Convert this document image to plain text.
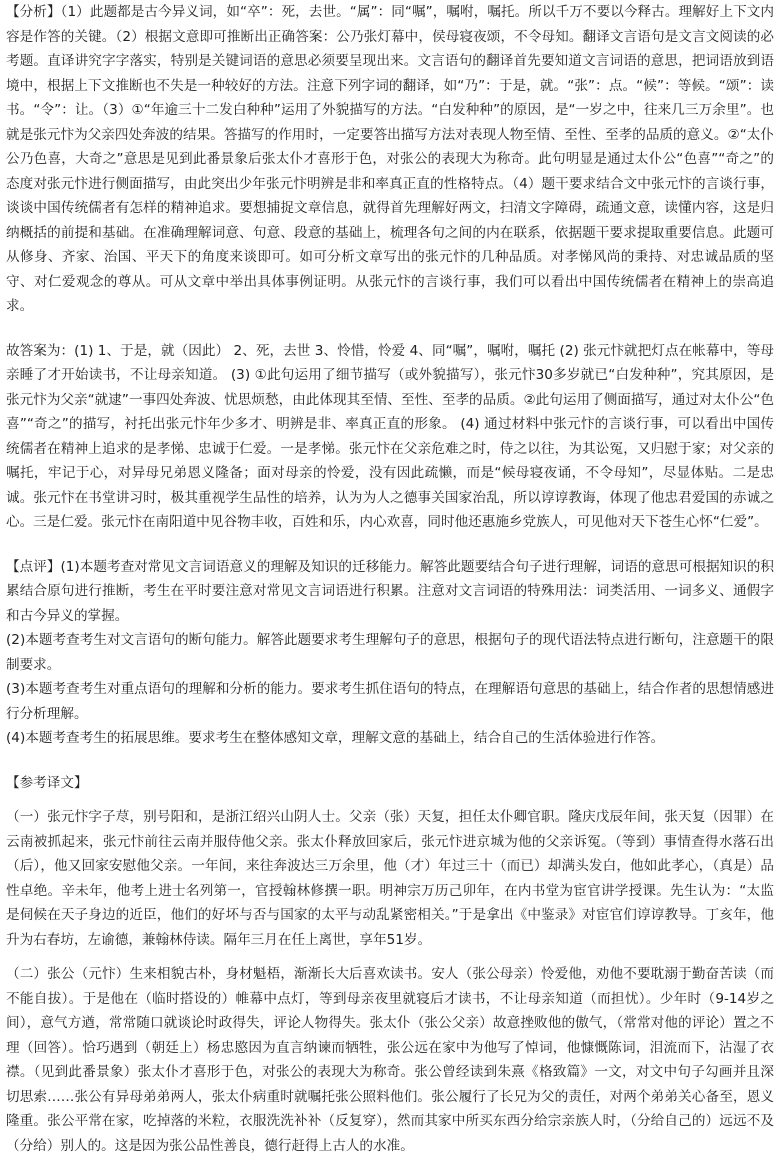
【分析】（1）此题都是古今异义词，如“卒”：死，去世。“属”：同“嘱”，嘱咐，嘱托。所以千万不要以今释古。理解好上下文内容是作答的关键。（2）根据文意即可推断出正确答案：公乃张灯幕中，侯母寝夜颂，不令母知。翻译文言语句是文言文阅读的必考题。直译讲究字字落实，特别是关键词语的意思必须要呈现出来。文言语句的翻译首先要知道文言词语的意思，把词语放到语境中，根据上下文推断也不失是一种较好的方法。注意下列字词的翻译，如“乃”：于是，就。“张”：点。“候”：等候。“颂”：读书。“令”：让。（3）①“年逾三十二发白种种”运用了外貌描写的方法。“白发种种”的原因，是“一岁之中，往来几三万余里”。也就是张元忭为父亲四处奔波的结果。答描写的作用时，一定要答出描写方法对表现人物至情、至性、至孝的品质的意义。②“太仆公乃色喜，大奇之”意思是见到此番景象后张太仆才喜形于色，对张公的表现大为称奇。此句明显是通过太仆公“色喜”“奇之”的态度对张元忭进行侧面描写，由此突出少年张元忭明辨是非和率真正直的性格特点。（4）题干要求结合文中张元忭的言谈行事，谈谈中国传统儒者有怎样的精神追求。要想捕捉文章信息，就得首先理解好两文，扫清文字障碍，疏通文意，读懂内容，这是归纳概括的前提和基础。在准确理解词意、句意、段意的基础上，梳理各句之间的内在联系，依据题干要求提取重要信息。此题可从修身、齐家、治国、平天下的角度来谈即可。如可分析文章写出的张元忭的几种品质。对孝悌风尚的秉持、对忠诚品质的坚守、对仁爱观念的尊从。可从文章中举出具体事例证明。从张元忭的言谈行事，我们可以看出中国传统儒者在精神上的崇高追求。

故答案为：(1) 1、于是，就（因此） 2、死，去世 3、怜惜，怜爱 4、同“嘱”，嘱咐，嘱托 (2) 张元忭就把灯点在帐幕中，等母亲睡了才开始读书，不让母亲知道。 (3) ①此句运用了细节描写（或外貌描写），张元忭30多岁就已“白发种种”，究其原因，是张元忭为父亲“就逮”一事四处奔波、忧思烦愁，由此体现其至情、至性、至孝的品质。②此句运用了侧面描写，通过对太仆公“色喜”“奇之”的描写，衬托出张元忭年少多才、明辨是非、率真正直的形象。 (4) 通过材料中张元忭的言谈行事，可以看出中国传统儒者在精神上追求的是孝悌、忠诚于仁爱。一是孝悌。张元忭在父亲危难之时，侍之以往，为其讼冤，又归慰于家；对父亲的嘱托，牢记于心，对异母兄弟恩义隆备；面对母亲的怜爱，没有因此疏懒，而是“候母寝夜诵，不令母知”，尽显体贴。二是忠诚。张元忭在书堂讲习时，极其重视学生品性的培养，认为为人之德事关国家治乱，所以谆谆教诲，体现了他忠君爱国的赤诚之心。三是仁爱。张元忭在南阳道中见谷物丰收，百姓和乐，内心欢喜，同时他还惠施乡党族人，可见他对天下苍生心怀“仁爱”。

【点评】(1)本题考查对常见文言词语意义的理解及知识的迁移能力。解答此题要结合句子进行理解，词语的意思可根据知识的积累结合原句进行推断，考生在平时要注意对常见文言词语进行积累。注意对文言词语的特殊用法：词类活用、一词多义、通假字和古今异义的掌握。

(2)本题考查考生对文言语句的断句能力。解答此题要求考生理解句子的意思，根据句子的现代语法特点进行断句，注意题干的限制要求。

(3)本题考查考生对重点语句的理解和分析的能力。要求考生抓住语句的特点，在理解语句意思的基础上，结合作者的思想情感进行分析理解。

(4)本题考查考生的拓展思维。要求考生在整体感知文章，理解文意的基础上，结合自己的生活体验进行作答。

【参考译文】

（一）张元忭字子荩，别号阳和，是浙江绍兴山阴人士。父亲（张）天复，担任太仆卿官职。隆庆戊辰年间，张天复（因罪）在云南被抓起来，张元忭前往云南并服侍他父亲。张太仆释放回家后，张元忭进京城为他的父亲诉冤。（等到）事情查得水落石出（后），他又回家安慰他父亲。一年间，来往奔波达三万余里，他（才）年过三十（而已）却满头发白，他如此孝心，（真是）品性卓绝。辛未年，他考上进士名列第一，官授翰林修撰一职。明神宗万历己卯年，在内书堂为宦官讲学授课。先生认为：“太监是伺候在天子身边的近臣，他们的好坏与否与国家的太平与动乱紧密相关。”于是拿出《中鉴录》对宦官们谆谆教导。丁亥年，他升为右春坊，左谕德，兼翰林侍读。隔年三月在任上离世，享年51岁。

（二）张公（元忭）生来相貌古朴，身材魁梧，渐渐长大后喜欢读书。安人（张公母亲）怜爱他，劝他不要耽溺于勤奋苦读（而不能自拔）。于是他在（临时搭设的）帷幕中点灯，等到母亲夜里就寝后才读书，不让母亲知道（而担忧）。少年时（9-14岁之间），意气方遒，常常随口就谈论时政得失，评论人物得失。张太仆（张公父亲）故意挫败他的傲气，（常常对他的评论）置之不理（回答）。恰巧遇到（朝廷上）杨忠愍因为直言纳谏而牺牲，张公远在家中为他写了悼词，他慷慨陈词，泪流而下，沾湿了衣襟。（见到此番景象）张太仆才喜形于色，对张公的表现大为称奇。张公曾经读到朱熹《格致篇》一文，对文中句子勾画并且深切思索……张公有异母弟弟两人，张太仆病重时就嘱托张公照料他们。张公履行了长兄为父的责任，对两个弟弟关心备至，恩义隆重。张公平常在家，吃掉落的米粒，衣服洗洗补补（反复穿），然而其家中所买东西分给宗亲族人时，（分给自己的）远远不及（分给）别人的。这是因为张公品性善良，德行赶得上古人的水准。
